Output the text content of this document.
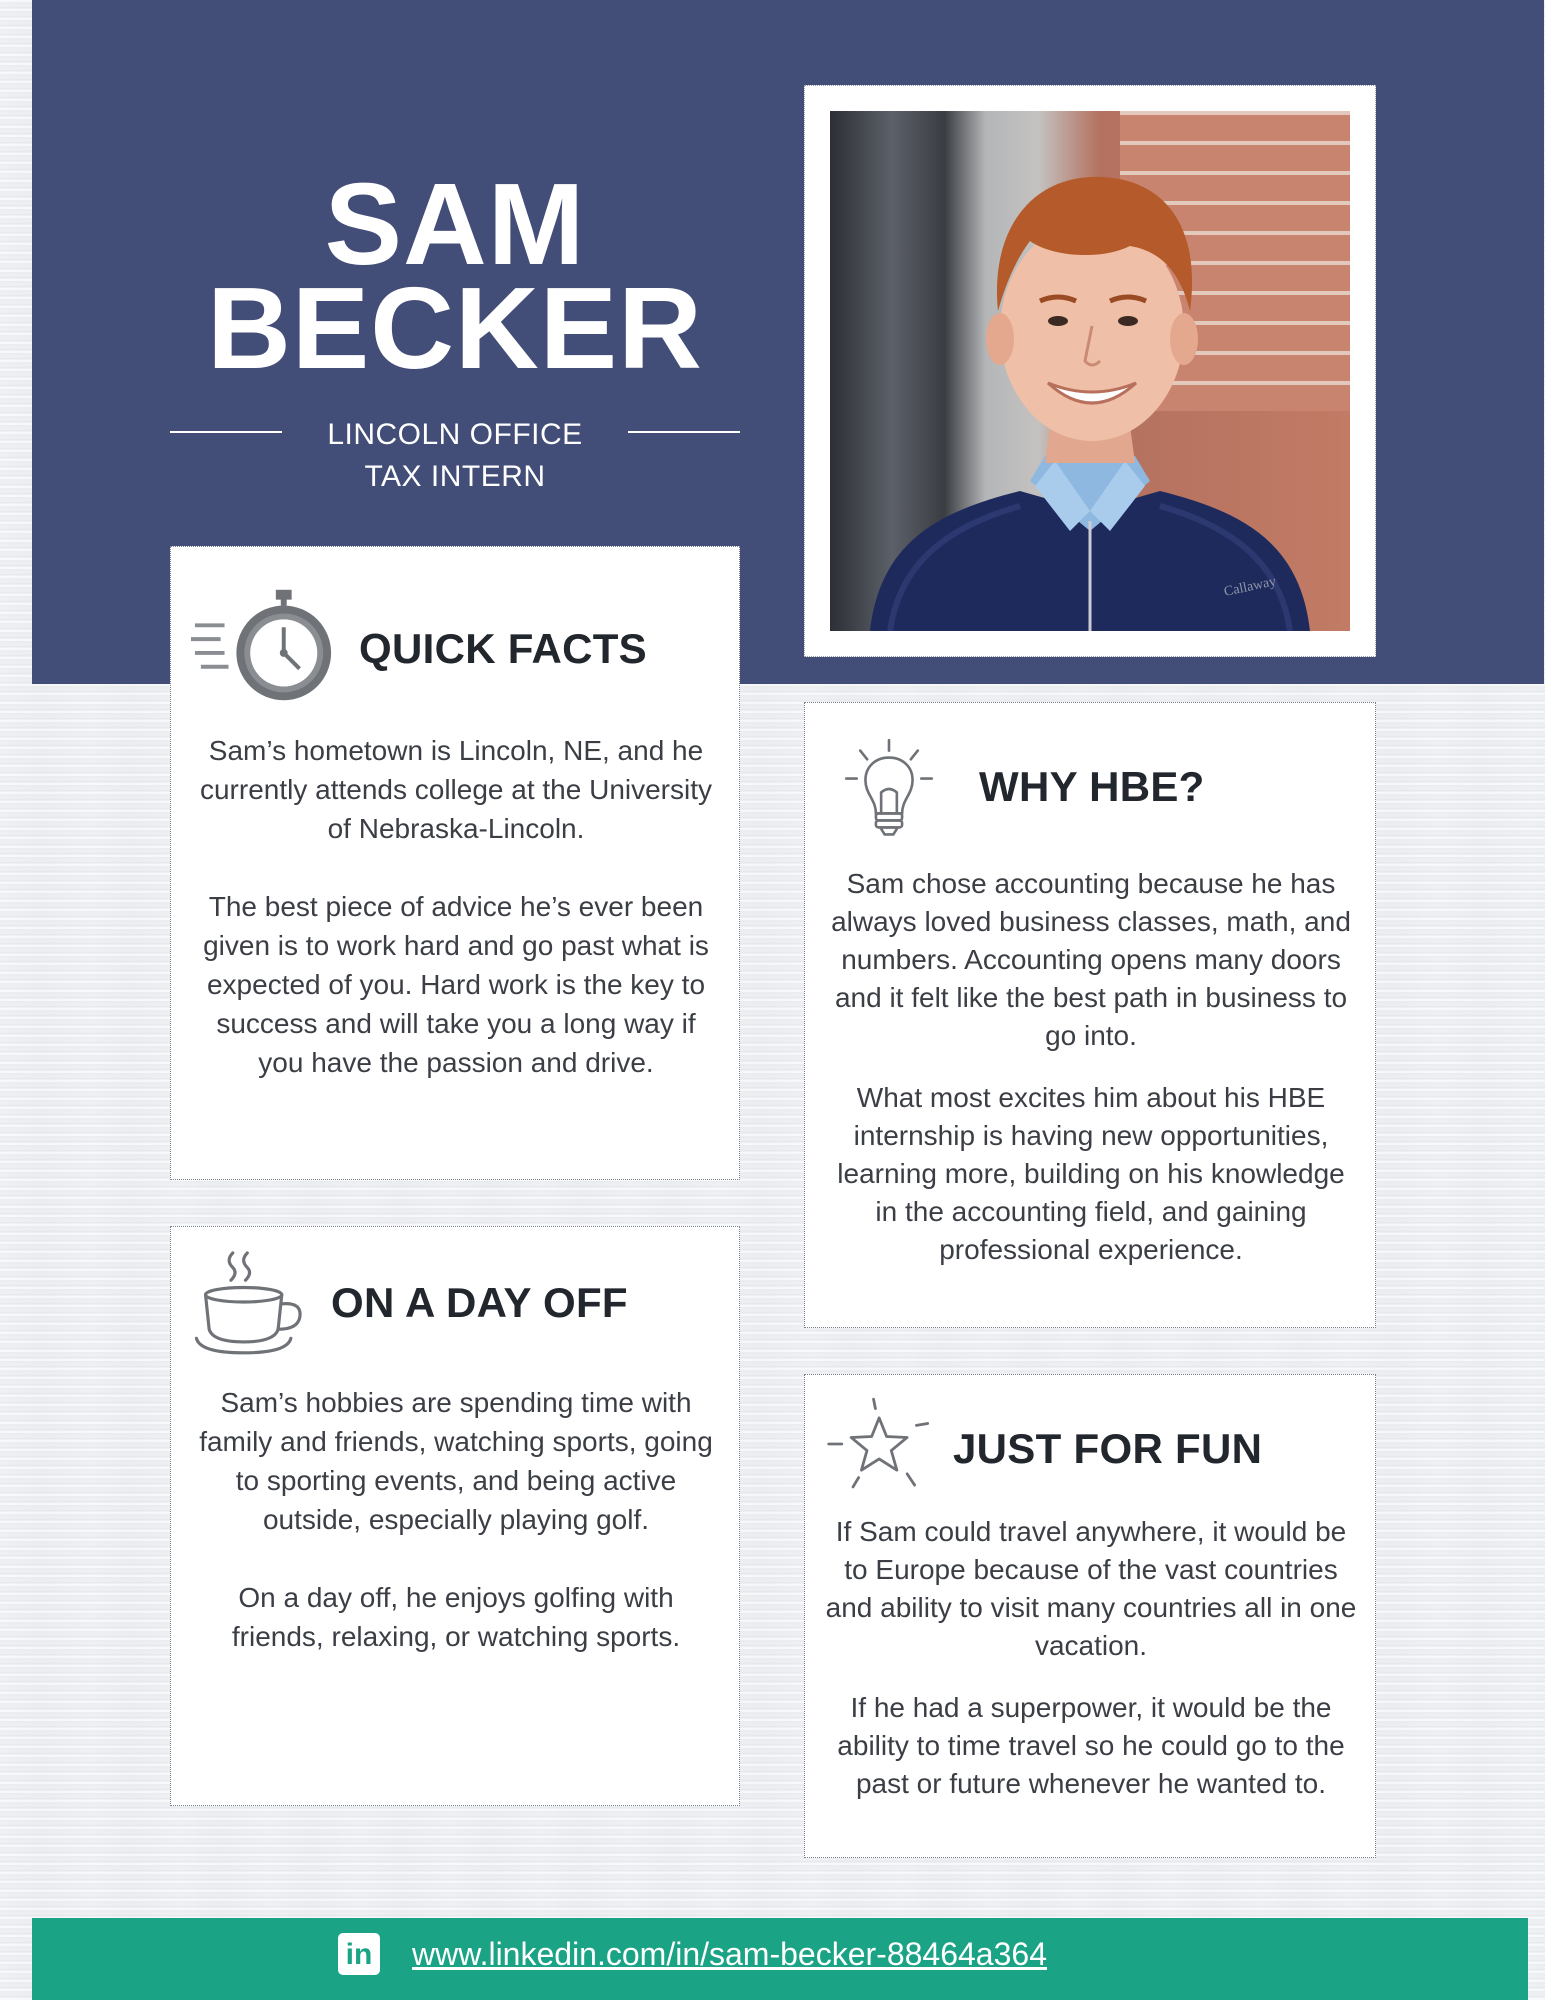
SAM
BECKER
LINCOLN OFFICE
TAX INTERN
Callaway
QUICK FACTS

Sam’s hometown is Lincoln, NE, and he currently attends college at the University of Nebraska-Lincoln.

The best piece of advice he’s ever been given is to work hard and go past what is expected of you. Hard work is the key to success and will take you a long way if you have the passion and drive.

WHY HBE?

Sam chose accounting because he has always loved business classes, math, and numbers. Accounting opens many doors and it felt like the best path in business to go into.

What most excites him about his HBE internship is having new opportunities, learning more, building on his knowledge in the accounting field, and gaining professional experience.

ON A DAY OFF

Sam’s hobbies are spending time with family and friends, watching sports, going to sporting events, and being active outside, especially playing golf.

On a day off, he enjoys golfing with friends, relaxing, or watching sports.

JUST FOR FUN

If Sam could travel anywhere, it would be to Europe because of the vast countries and ability to visit many countries all in one vacation.

If he had a superpower, it would be the ability to time travel so he could go to the past or future whenever he wanted to.

in www.linkedin.com/in/sam-becker-88464a364
